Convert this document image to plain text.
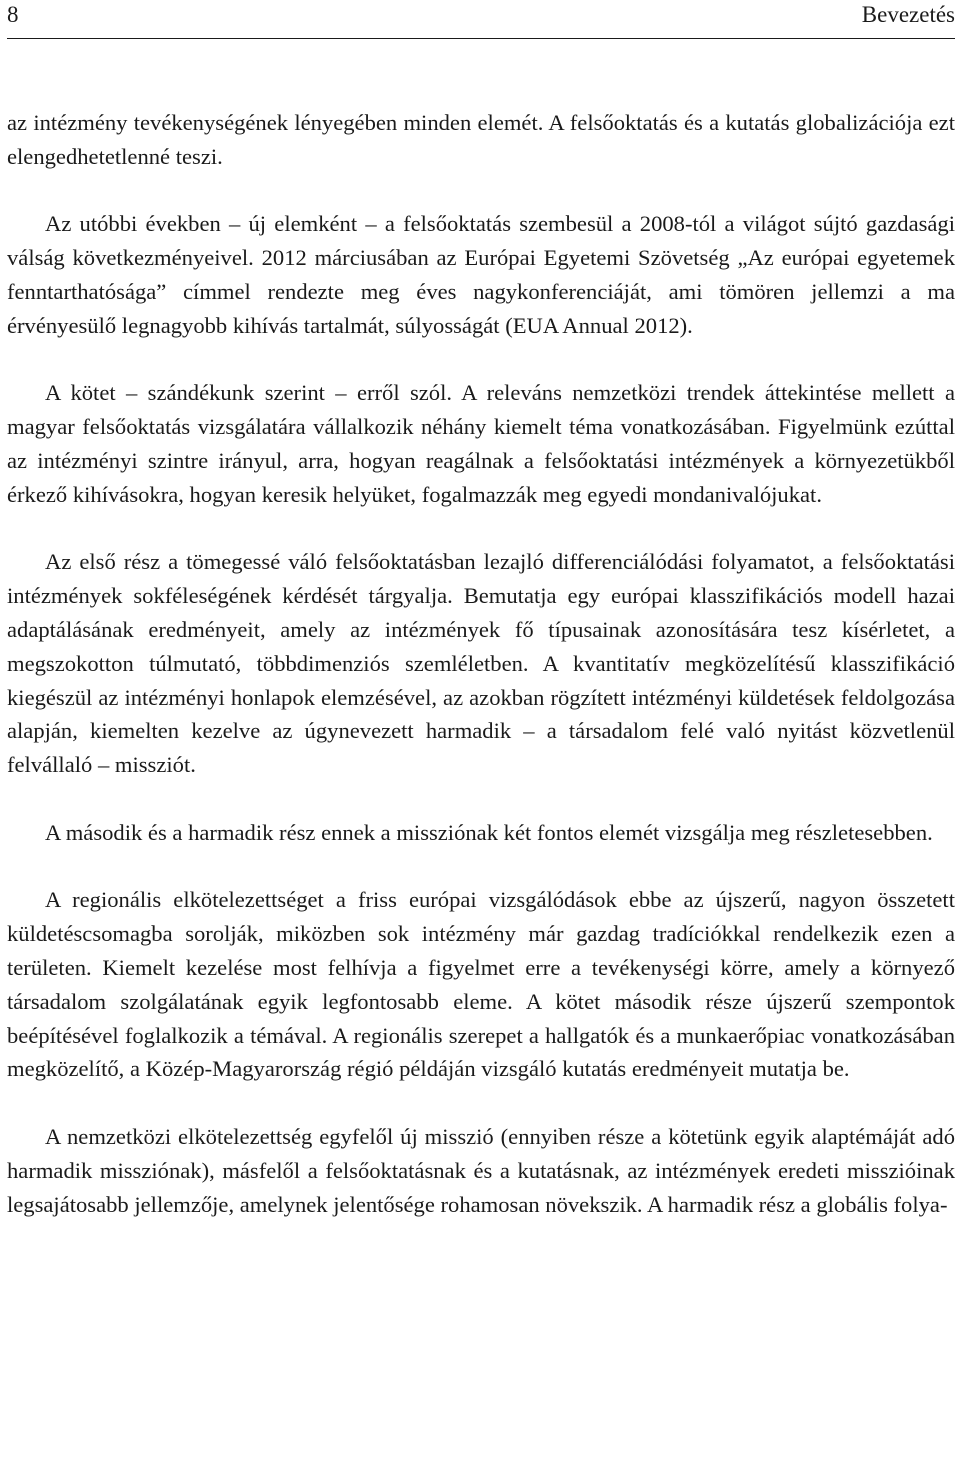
8	Bevezetés

az intézmény tevékenységének lényegében minden elemét. A felsőoktatás és a kutatás globalizációja ezt elengedhetetlenné teszi.

Az utóbbi években – új elemként – a felsőoktatás szembesül a 2008-tól a világot sújtó gazdasági válság következményeivel. 2012 márciusában az Európai Egyetemi Szövetség „Az európai egyetemek fenntarthatósága” címmel rendezte meg éves nagykonferenciáját, ami tömören jellemzi a ma érvényesülő legnagyobb kihívás tartalmát, súlyosságát (EUA Annual 2012).

A kötet – szándékunk szerint – erről szól. A releváns nemzetközi trendek áttekintése mellett a magyar felsőoktatás vizsgálatára vállalkozik néhány kiemelt téma vonatkozásában. Figyelmünk ezúttal az intézményi szintre irányul, arra, hogyan reagálnak a felsőoktatási intézmények a környezetükből érkező kihívásokra, hogyan keresik helyüket, fogalmazzák meg egyedi mondanivalójukat.

Az első rész a tömegessé váló felsőoktatásban lezajló differenciálódási folyamatot, a felsőoktatási intézmények sokféleségének kérdését tárgyalja. Bemutatja egy európai klasszifikációs modell hazai adaptálásának eredményeit, amely az intézmények fő típusainak azonosítására tesz kísérletet, a megszokotton túlmutató, többdimenziós szemléletben. A kvantitatív megközelítésű klasszifikáció kiegészül az intézményi honlapok elemzésével, az azokban rögzített intézményi küldetések feldolgozása alapján, kiemelten kezelve az úgynevezett harmadik – a társadalom felé való nyitást közvetlenül felvállaló – missziót.

A második és a harmadik rész ennek a missziónak két fontos elemét vizsgálja meg részletesebben.

A regionális elkötelezettséget a friss európai vizsgálódások ebbe az újszerű, nagyon összetett küldetéscsomagba sorolják, miközben sok intézmény már gazdag tradíciókkal rendelkezik ezen a területen. Kiemelt kezelése most felhívja a figyelmet erre a tevékenységi körre, amely a környező társadalom szolgálatának egyik legfontosabb eleme. A kötet második része újszerű szempontok beépítésével foglalkozik a témával. A regionális szerepet a hallgatók és a munkaerőpiac vonatkozásában megközelítő, a Közép-Magyarország régió példáján vizsgáló kutatás eredményeit mutatja be.

A nemzetközi elkötelezettség egyfelől új misszió (ennyiben része a kötetünk egyik alaptémáját adó harmadik missziónak), másfelől a felsőoktatásnak és a kutatásnak, az intézmények eredeti misszióinak legsajátosabb jellemzője, amelynek jelentősége rohamosan növekszik. A harmadik rész a globális folya-
